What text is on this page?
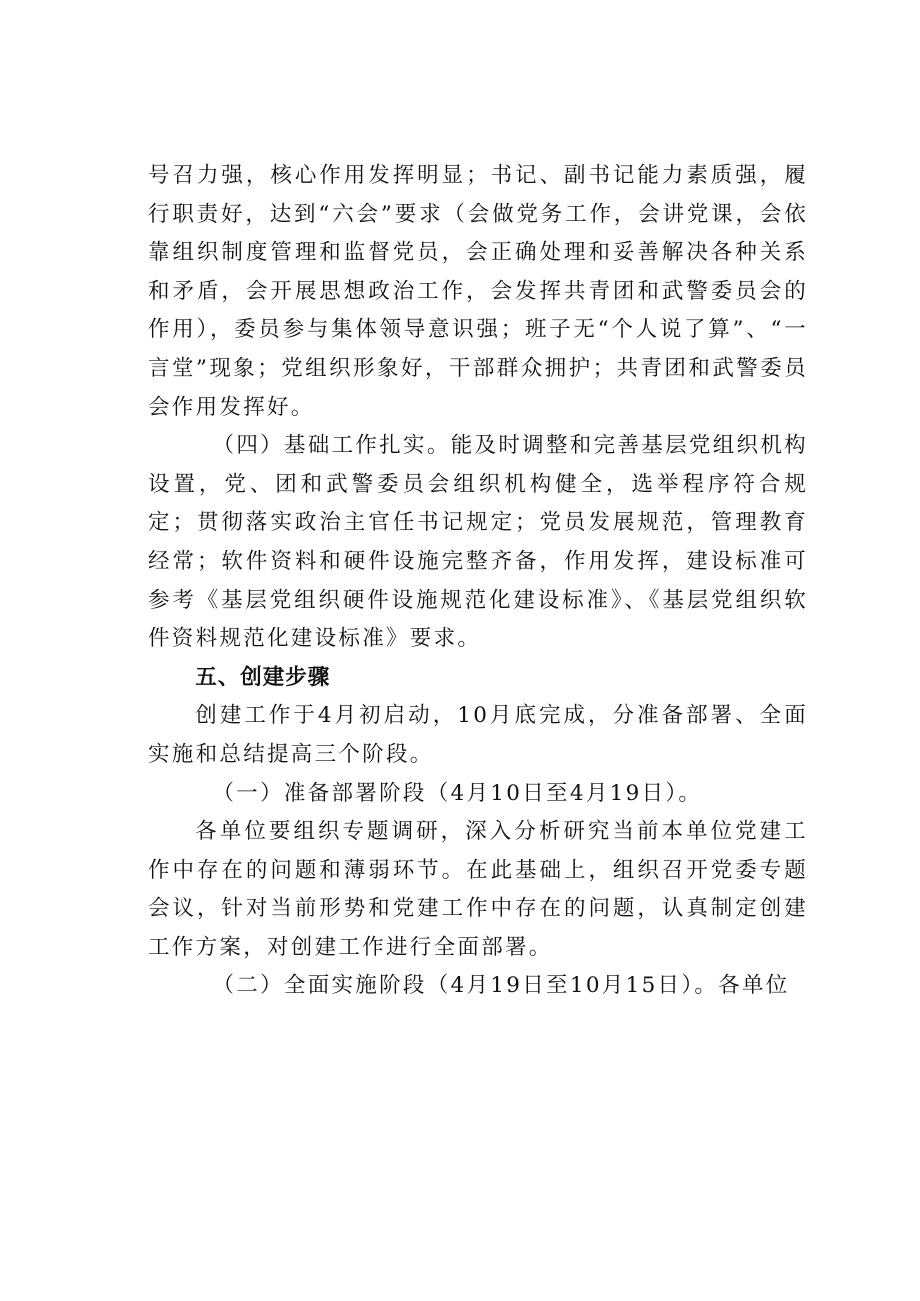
号召力强，核心作用发挥明显；书记、副书记能力素质强，履行职责好，达到“六会”要求（会做党务工作，会讲党课，会依靠组织制度管理和监督党员，会正确处理和妥善解决各种关系和矛盾，会开展思想政治工作，会发挥共青团和武警委员会的作用），委员参与集体领导意识强；班子无“个人说了算”、“一言堂”现象；党组织形象好，干部群众拥护；共青团和武警委员会作用发挥好。

（四）基础工作扎实。能及时调整和完善基层党组织机构设置，党、团和武警委员会组织机构健全，选举程序符合规定；贯彻落实政治主官任书记规定；党员发展规范，管理教育经常；软件资料和硬件设施完整齐备，作用发挥，建设标准可参考《基层党组织硬件设施规范化建设标准》、《基层党组织软件资料规范化建设标准》要求。

五、创建步骤

创建工作于4月初启动，10月底完成，分准备部署、全面实施和总结提高三个阶段。

（一）准备部署阶段（4月10日至4月19日）。

各单位要组织专题调研，深入分析研究当前本单位党建工作中存在的问题和薄弱环节。在此基础上，组织召开党委专题会议，针对当前形势和党建工作中存在的问题，认真制定创建工作方案，对创建工作进行全面部署。

（二）全面实施阶段（4月19日至10月15日）。各单位
